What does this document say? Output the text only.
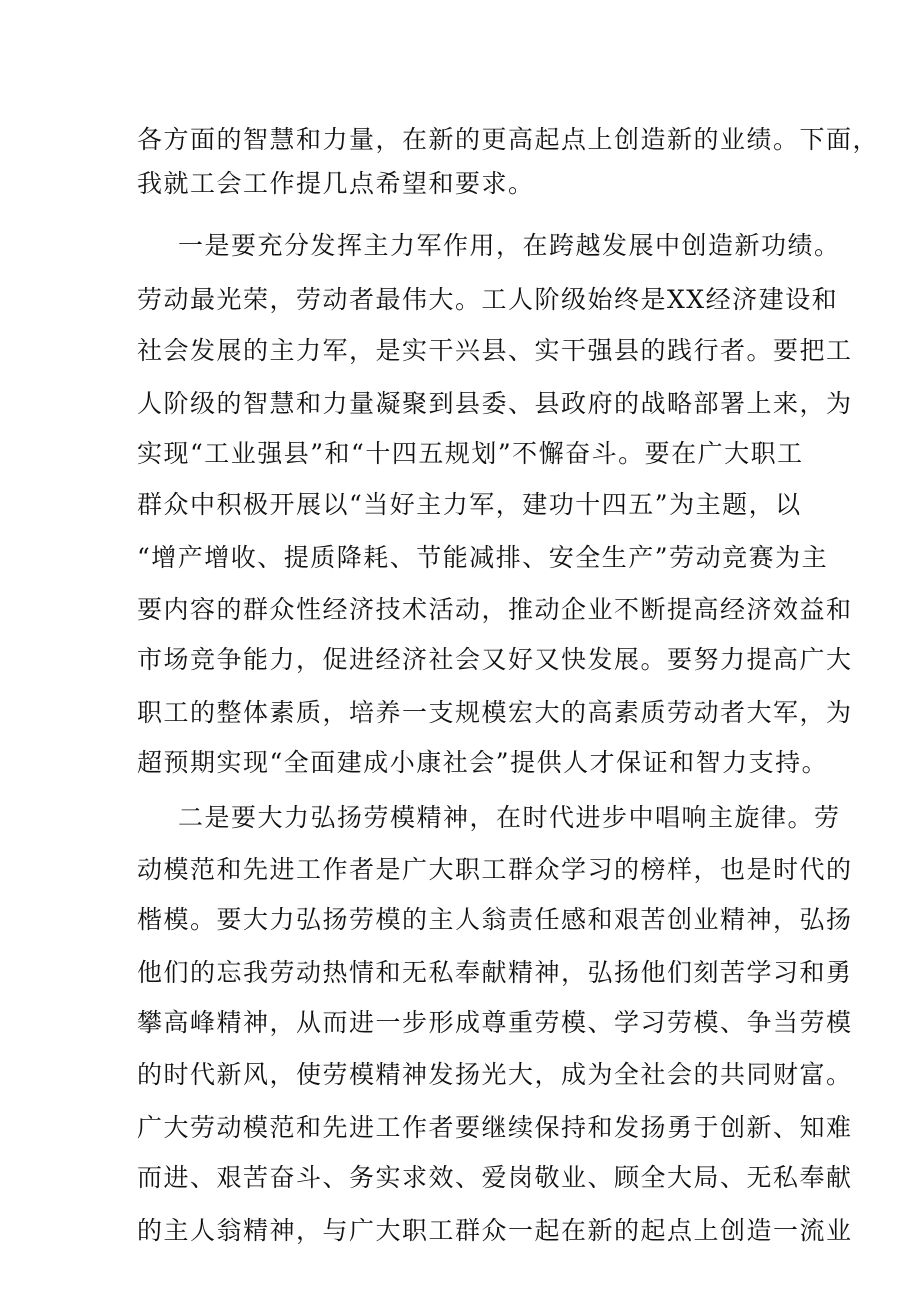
各方面的智慧和力量，在新的更高起点上创造新的业绩。下面，

我就工会工作提几点希望和要求。

一是要充分发挥主力军作用，在跨越发展中创造新功绩。

劳动最光荣，劳动者最伟大。工人阶级始终是XX经济建设和

社会发展的主力军，是实干兴县、实干强县的践行者。要把工

人阶级的智慧和力量凝聚到县委、县政府的战略部署上来，为

实现“工业强县”和“十四五规划”不懈奋斗。要在广大职工

群众中积极开展以“当好主力军，建功十四五”为主题，以

“增产增收、提质降耗、节能减排、安全生产”劳动竞赛为主

要内容的群众性经济技术活动，推动企业不断提高经济效益和

市场竞争能力，促进经济社会又好又快发展。要努力提高广大

职工的整体素质，培养一支规模宏大的高素质劳动者大军，为

超预期实现“全面建成小康社会”提供人才保证和智力支持。

二是要大力弘扬劳模精神，在时代进步中唱响主旋律。劳

动模范和先进工作者是广大职工群众学习的榜样，也是时代的

楷模。要大力弘扬劳模的主人翁责任感和艰苦创业精神，弘扬

他们的忘我劳动热情和无私奉献精神，弘扬他们刻苦学习和勇

攀高峰精神，从而进一步形成尊重劳模、学习劳模、争当劳模

的时代新风，使劳模精神发扬光大，成为全社会的共同财富。

广大劳动模范和先进工作者要继续保持和发扬勇于创新、知难

而进、艰苦奋斗、务实求效、爱岗敬业、顾全大局、无私奉献

的主人翁精神，与广大职工群众一起在新的起点上创造一流业
